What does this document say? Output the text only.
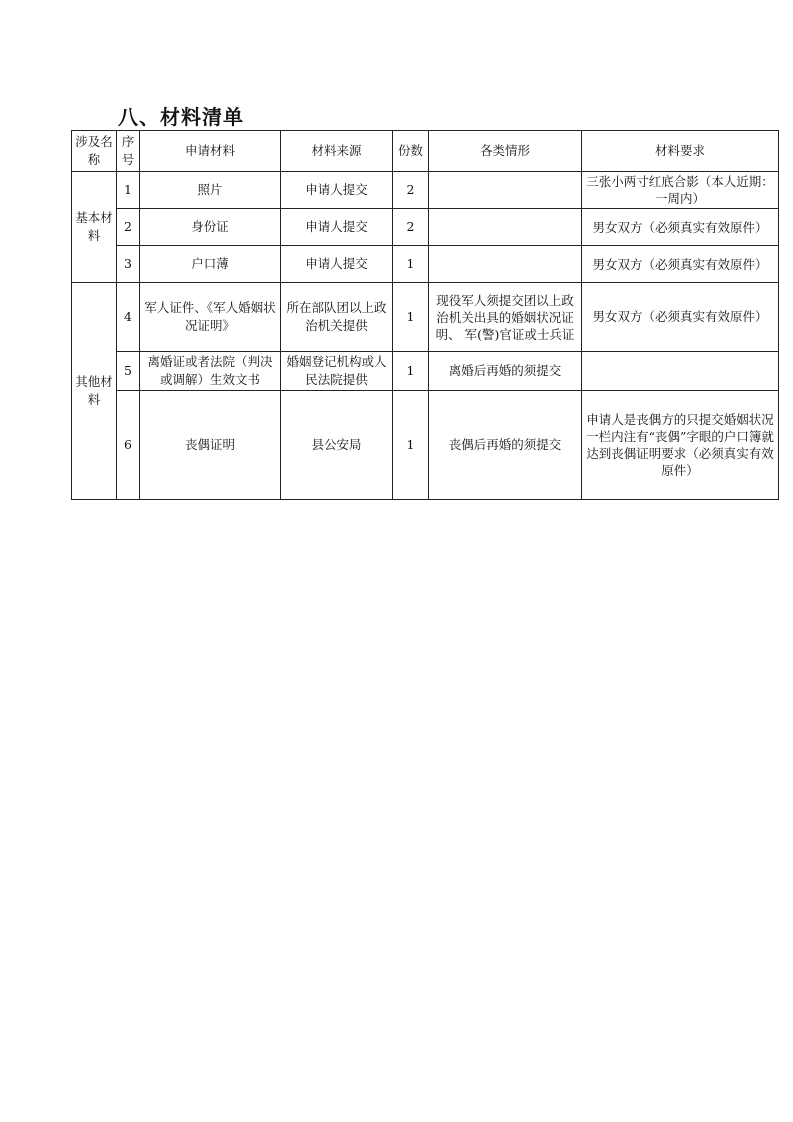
八、材料清单
涉及名称	序号	申请材料	材料来源	份数	各类情形	材料要求
基本材料	1	照片	申请人提交	2		三张小两寸红底合影（本人近期：一周内）
	2	身份证	申请人提交	2		男女双方（必须真实有效原件）
	3	户口薄	申请人提交	1		男女双方（必须真实有效原件）
其他材料	4	军人证件、《军人婚姻状况证明》	所在部队团以上政治机关提供	1	现役军人须提交团以上政治机关出具的婚姻状况证明、 军(警)官证或士兵证	男女双方（必须真实有效原件）
	5	离婚证或者法院（判决或调解）生效文书	婚姻登记机构或人民法院提供	1	离婚后再婚的须提交	
	6	丧偶证明	县公安局	1	丧偶后再婚的须提交	申请人是丧偶方的只提交婚姻状况一栏内注有“丧偶”字眼的户口簿就达到丧偶证明要求（必须真实有效原件）
